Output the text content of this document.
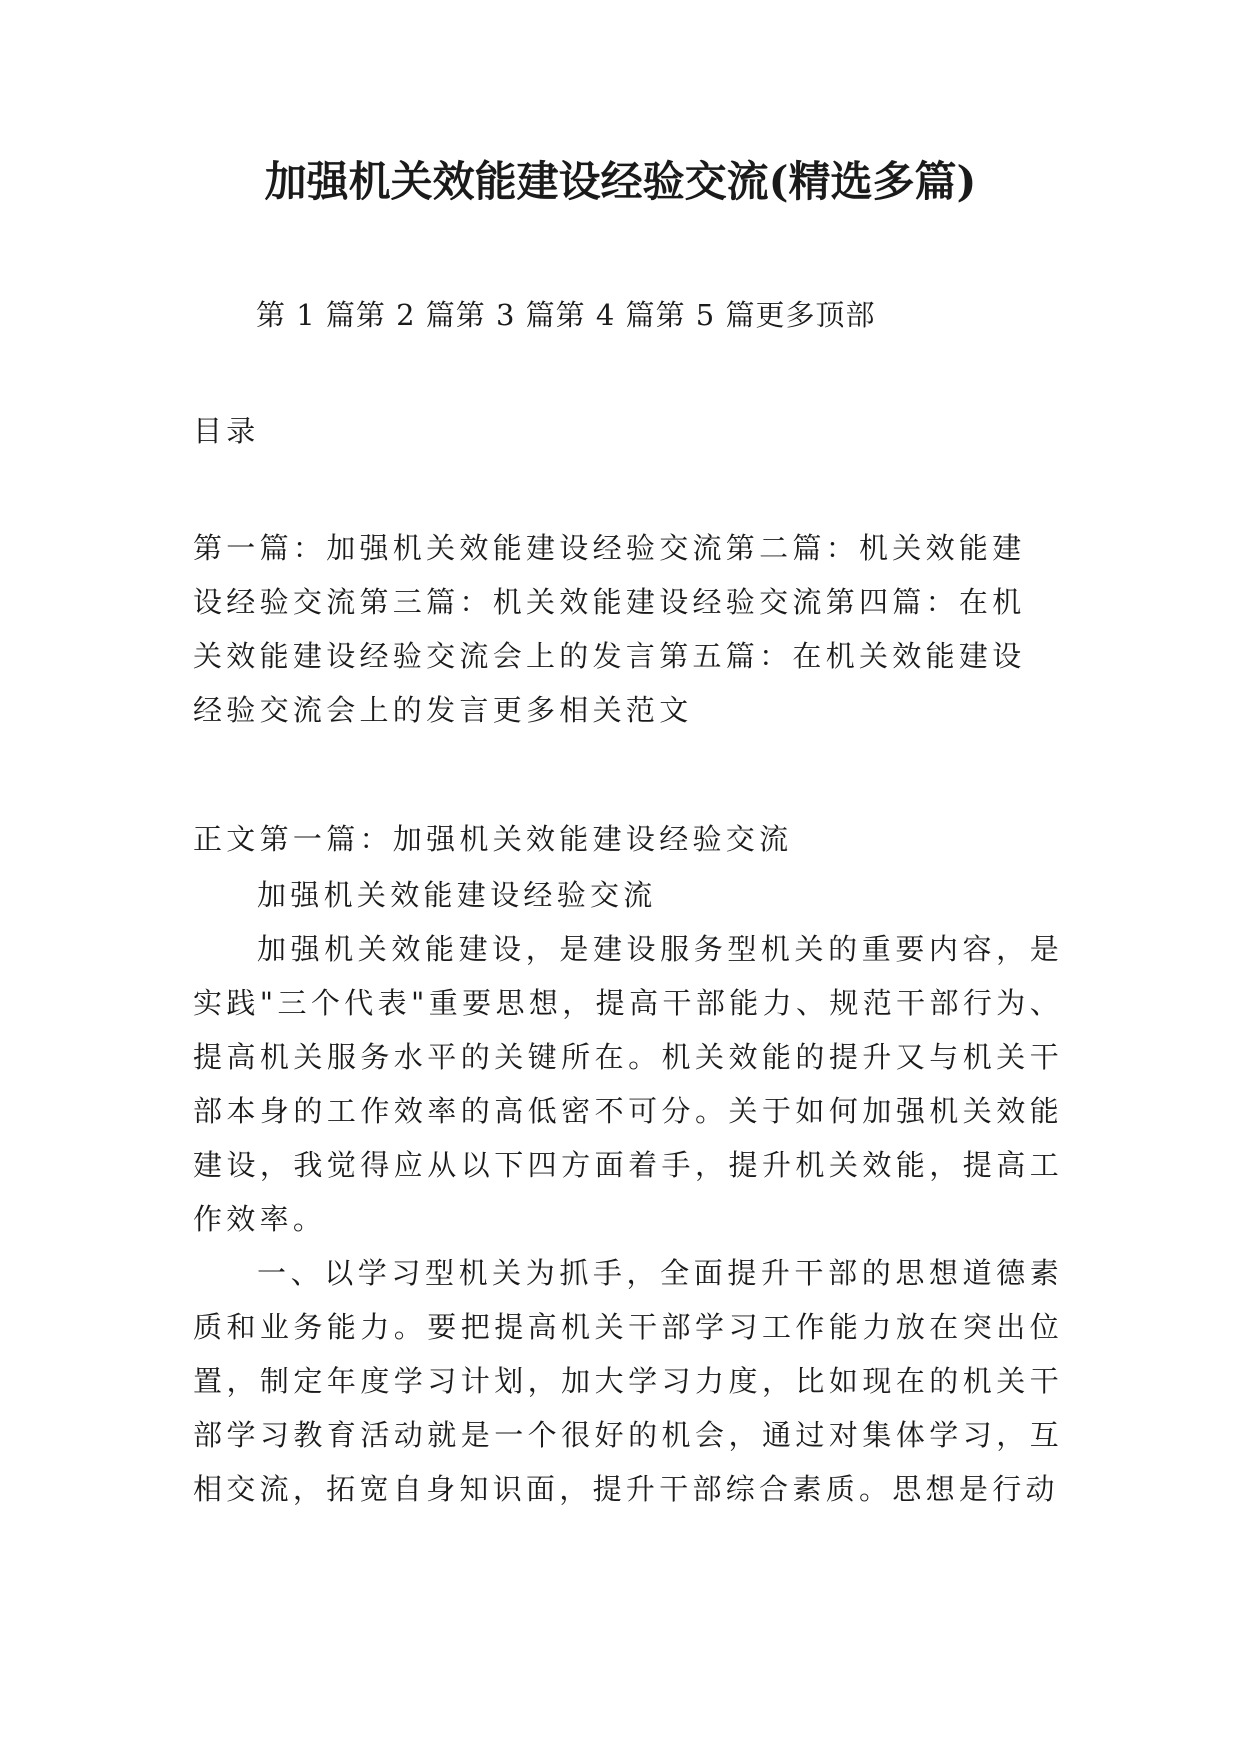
加强机关效能建设经验交流(精选多篇)
第 1 篇第 2 篇第 3 篇第 4 篇第 5 篇更多顶部
目录
第一篇：加强机关效能建设经验交流第二篇：机关效能建设经验交流第三篇：机关效能建设经验交流第四篇：在机关效能建设经验交流会上的发言第五篇：在机关效能建设经验交流会上的发言更多相关范文
正文第一篇：加强机关效能建设经验交流

加强机关效能建设经验交流

加强机关效能建设，是建设服务型机关的重要内容，是实践"三个代表"重要思想，提高干部能力、规范干部行为、提高机关服务水平的关键所在。机关效能的提升又与机关干部本身的工作效率的高低密不可分。关于如何加强机关效能建设，我觉得应从以下四方面着手，提升机关效能，提高工作效率。

一、以学习型机关为抓手，全面提升干部的思想道德素质和业务能力。要把提高机关干部学习工作能力放在突出位置，制定年度学习计划，加大学习力度，比如现在的机关干部学习教育活动就是一个很好的机会，通过对集体学习，互相交流，拓宽自身知识面，提升干部综合素质。思想是行动
